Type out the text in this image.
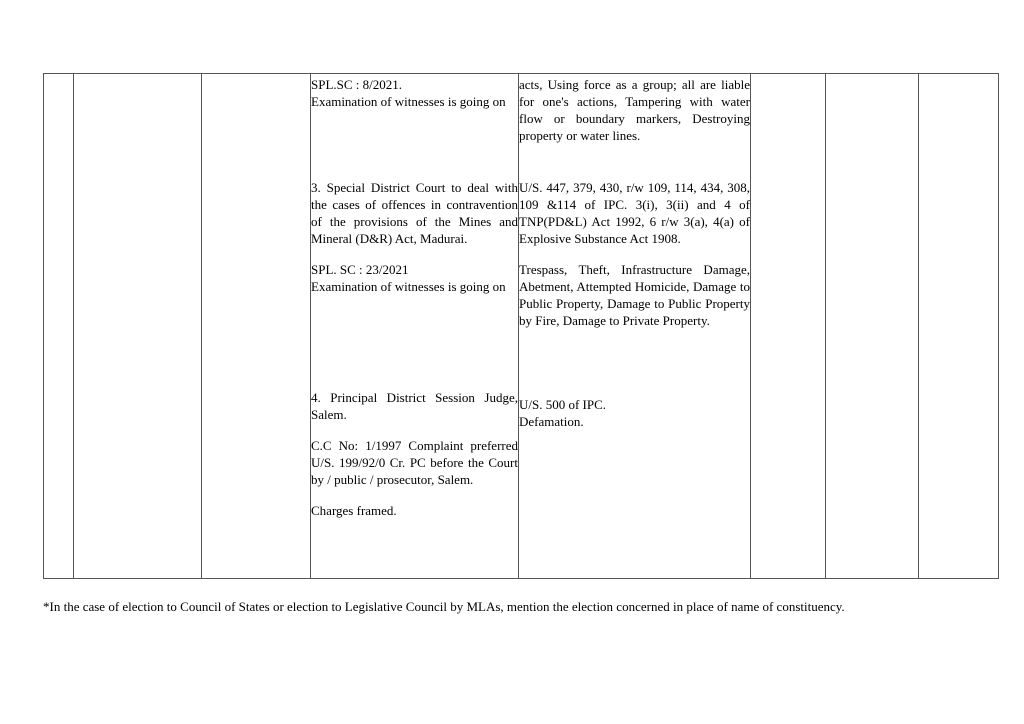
SPL.SC : 8/2021.
Examination of witnesses is going on
3. Special District Court to deal with the cases of offences in contravention of the provisions of the Mines and Mineral (D&R) Act, Madurai.
SPL. SC : 23/2021
Examination of witnesses is going on
4. Principal District Session Judge, Salem.
C.C No: 1/1997 Complaint preferred U/S. 199/92/0 Cr. PC before the Court by / public / prosecutor, Salem.
Charges framed.
acts, Using force as a group; all are liable for one's actions, Tampering with water flow or boundary markers, Destroying property or water lines.
U/S. 447, 379, 430, r/w 109, 114, 434, 308, 109 &114 of IPC. 3(i), 3(ii) and 4 of TNP(PD&L) Act 1992, 6 r/w 3(a), 4(a) of Explosive Substance Act 1908.
Trespass, Theft, Infrastructure Damage, Abetment, Attempted Homicide, Damage to Public Property, Damage to Public Property by Fire, Damage to Private Property.
U/S. 500 of IPC.
Defamation.
*In the case of election to Council of States or election to Legislative Council by MLAs, mention the election concerned in place of name of constituency.
